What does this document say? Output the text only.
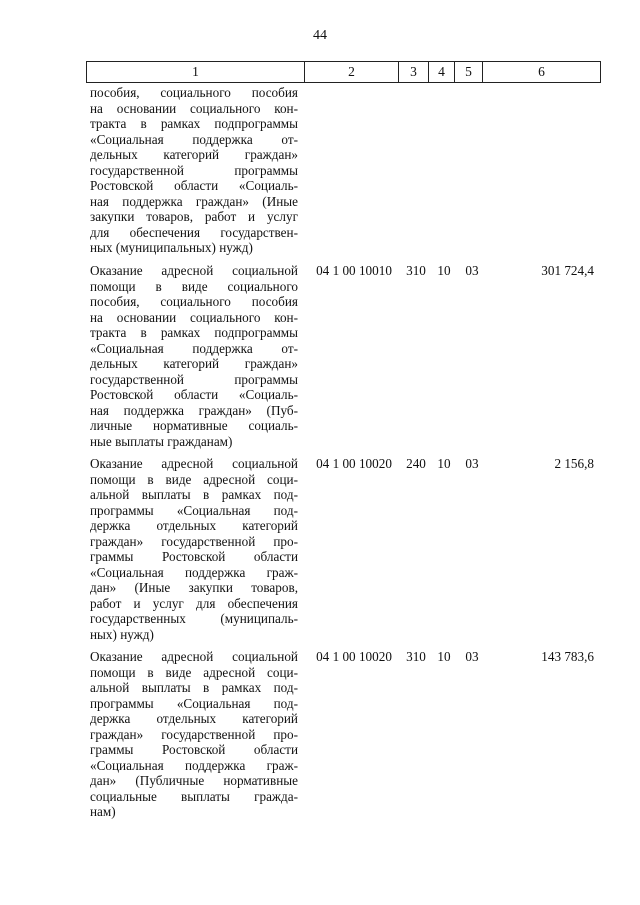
44
1	2	3	4	5	6
пособия, социального пособия
на основании социального кон-
тракта в рамках подпрограммы
«Социальная поддержка от-
дельных категорий граждан»
государственной программы
Ростовской области «Социаль-
ная поддержка граждан» (Иные
закупки товаров, работ и услуг
для обеспечения государствен-
ных (муниципальных) нужд)
Оказание адресной социальной
помощи в виде социального
пособия, социального пособия
на основании социального кон-
тракта в рамках подпрограммы
«Социальная поддержка от-
дельных категорий граждан»
государственной программы
Ростовской области «Социаль-
ная поддержка граждан» (Пуб-
личные нормативные социаль-
ные выплаты гражданам)
04 1 00 10010	310 10	03	301 724,4
Оказание адресной социальной
помощи в виде адресной соци-
альной выплаты в рамках под-
программы «Социальная под-
держка отдельных категорий
граждан» государственной про-
граммы Ростовской области
«Социальная поддержка граж-
дан» (Иные закупки товаров,
работ и услуг для обеспечения
государственных (муниципаль-
ных) нужд)
04 1 00 10020	240 10	03	2 156,8
Оказание адресной социальной
помощи в виде адресной соци-
альной выплаты в рамках под-
программы «Социальная под-
держка отдельных категорий
граждан» государственной про-
граммы Ростовской области
«Социальная поддержка граж-
дан» (Публичные нормативные
социальные выплаты гражда-
нам)
04 1 00 10020	310 10	03	143 783,6
